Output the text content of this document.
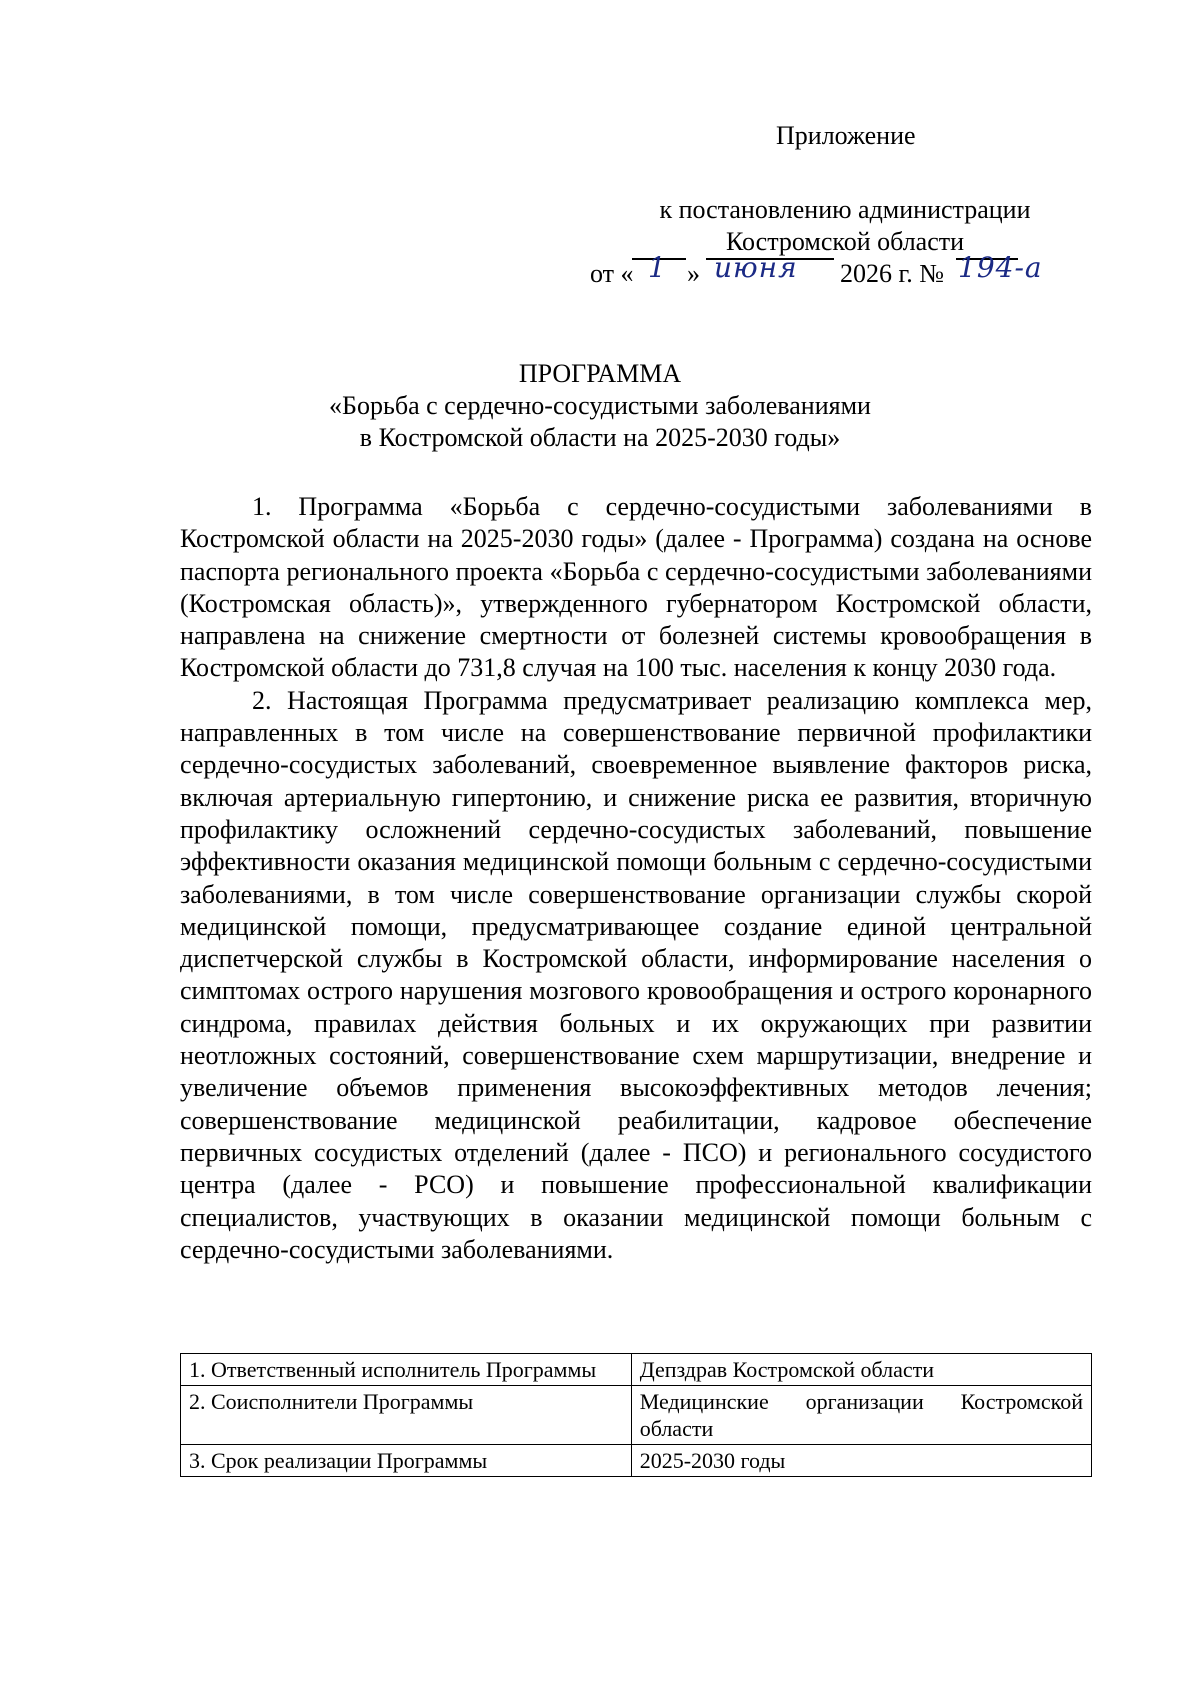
Приложение
к постановлению администрации
Костромской области
от « 1 » июня 2026 г. № 194-а
ПРОГРАММА
«Борьба с сердечно-сосудистыми заболеваниями
в Костромской области на 2025-2030 годы»

1. Программа «Борьба с сердечно-сосудистыми заболеваниями в Костромской области на 2025-2030 годы» (далее - Программа) создана на основе паспорта регионального проекта «Борьба с сердечно-сосудистыми заболеваниями (Костромская область)», утвержденного губернатором Костромской области, направлена на снижение смертности от болезней системы кровообращения в Костромской области до 731,8 случая на 100 тыс. населения к концу 2030 года.

2. Настоящая Программа предусматривает реализацию комплекса мер, направленных в том числе на совершенствование первичной профилактики сердечно-сосудистых заболеваний, своевременное выявление факторов риска, включая артериальную гипертонию, и снижение риска ее развития, вторичную профилактику осложнений сердечно-сосудистых заболеваний, повышение эффективности оказания медицинской помощи больным с сердечно-сосудистыми заболеваниями, в том числе совершенствование организации службы скорой медицинской помощи, предусматривающее создание единой центральной диспетчерской службы в Костромской области, информирование населения о симптомах острого нарушения мозгового кровообращения и острого коронарного синдрома, правилах действия больных и их окружающих при развитии неотложных состояний, совершенствование схем маршрутизации, внедрение и увеличение объемов применения высокоэффективных методов лечения; совершенствование медицинской реабилитации, кадровое обеспечение первичных сосудистых отделений (далее - ПСО) и регионального сосудистого центра (далее - РСО) и повышение профессиональной квалификации специалистов, участвующих в оказании медицинской помощи больным с сердечно-сосудистыми заболеваниями.

1. Ответственный исполнитель Программы	Депздрав Костромской области
2. Соисполнители Программы	Медицинские организации Костромской области
3. Срок реализации Программы	2025-2030 годы
